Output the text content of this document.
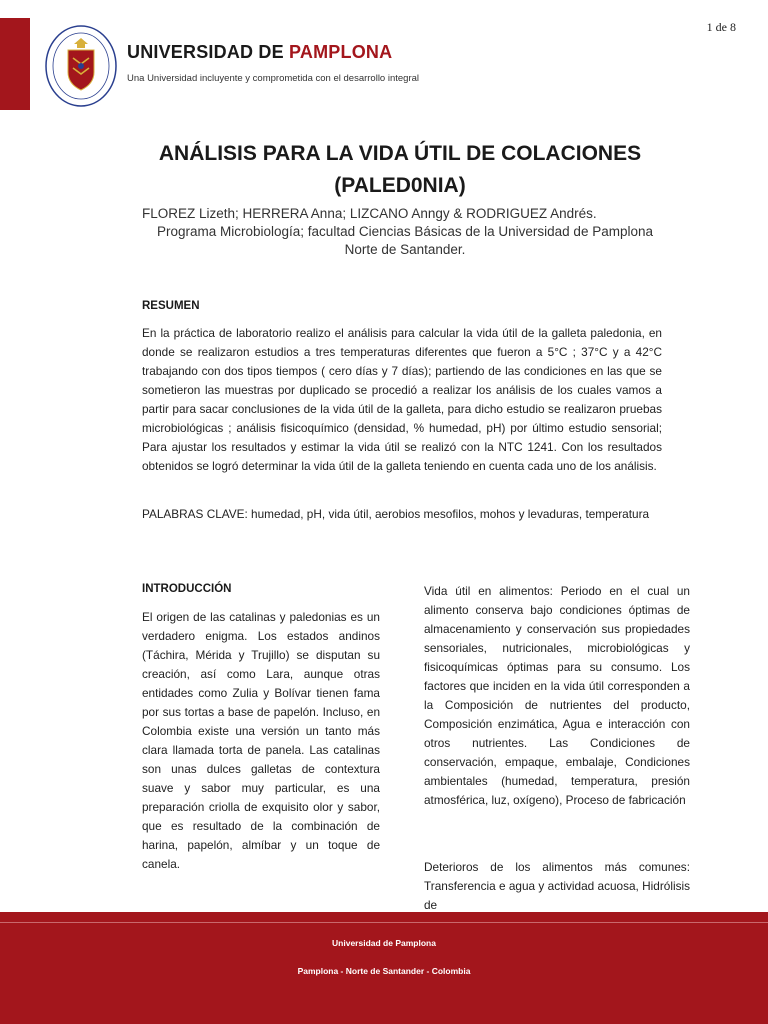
1 de 8
UNIVERSIDAD DE PAMPLONA
Una Universidad incluyente y comprometida con el desarrollo integral
ANÁLISIS PARA LA VIDA ÚTIL DE COLACIONES (PALED0NIA)
FLOREZ Lizeth; HERRERA Anna; LIZCANO Anngy & RODRIGUEZ Andrés.
Programa Microbiología; facultad Ciencias Básicas de la Universidad de Pamplona Norte de Santander.
RESUMEN
En la práctica de laboratorio realizo el análisis para calcular la vida útil de la galleta paledonia, en donde se realizaron estudios a tres temperaturas diferentes que fueron a 5°C ; 37°C y a 42°C trabajando con dos tipos tiempos ( cero días y 7 días); partiendo de las condiciones en las que se sometieron las muestras por duplicado se procedió a realizar los análisis de los cuales vamos a partir para sacar conclusiones de la vida útil de la galleta, para dicho estudio se realizaron pruebas microbiológicas ; análisis fisicoquímico (densidad, % humedad, pH) por último estudio sensorial; Para ajustar los resultados y estimar la vida útil se realizó con la NTC 1241. Con los resultados obtenidos se logró determinar la vida útil de la galleta teniendo en cuenta cada uno de los análisis.
PALABRAS CLAVE: humedad, pH, vida útil, aerobios mesofilos, mohos y levaduras, temperatura
INTRODUCCIÓN
El origen de las catalinas y paledonias es un verdadero enigma. Los estados andinos (Táchira, Mérida y Trujillo) se disputan su creación, así como Lara, aunque otras entidades como Zulia y Bolívar tienen fama por sus tortas a base de papelón. Incluso, en Colombia existe una versión un tanto más clara llamada torta de panela. Las catalinas son unas dulces galletas de contextura suave y sabor muy particular, es una preparación criolla de exquisito olor y sabor, que es resultado de la combinación de harina, papelón, almíbar y un toque de canela.
Vida útil en alimentos: Periodo en el cual un alimento conserva bajo condiciones óptimas de almacenamiento y conservación sus propiedades sensoriales, nutricionales, microbiológicas y fisicoquímicas óptimas para su consumo. Los factores que inciden en la vida útil corresponden a la Composición de nutrientes del producto, Composición enzimática, Agua e interacción con otros nutrientes. Las Condiciones de conservación, empaque, embalaje, Condiciones ambientales (humedad, temperatura, presión atmosférica, luz, oxígeno), Proceso de fabricación
Deterioros de los alimentos más comunes: Transferencia e agua y actividad acuosa, Hidrólisis de
Universidad de Pamplona
Pamplona - Norte de Santander - Colombia
